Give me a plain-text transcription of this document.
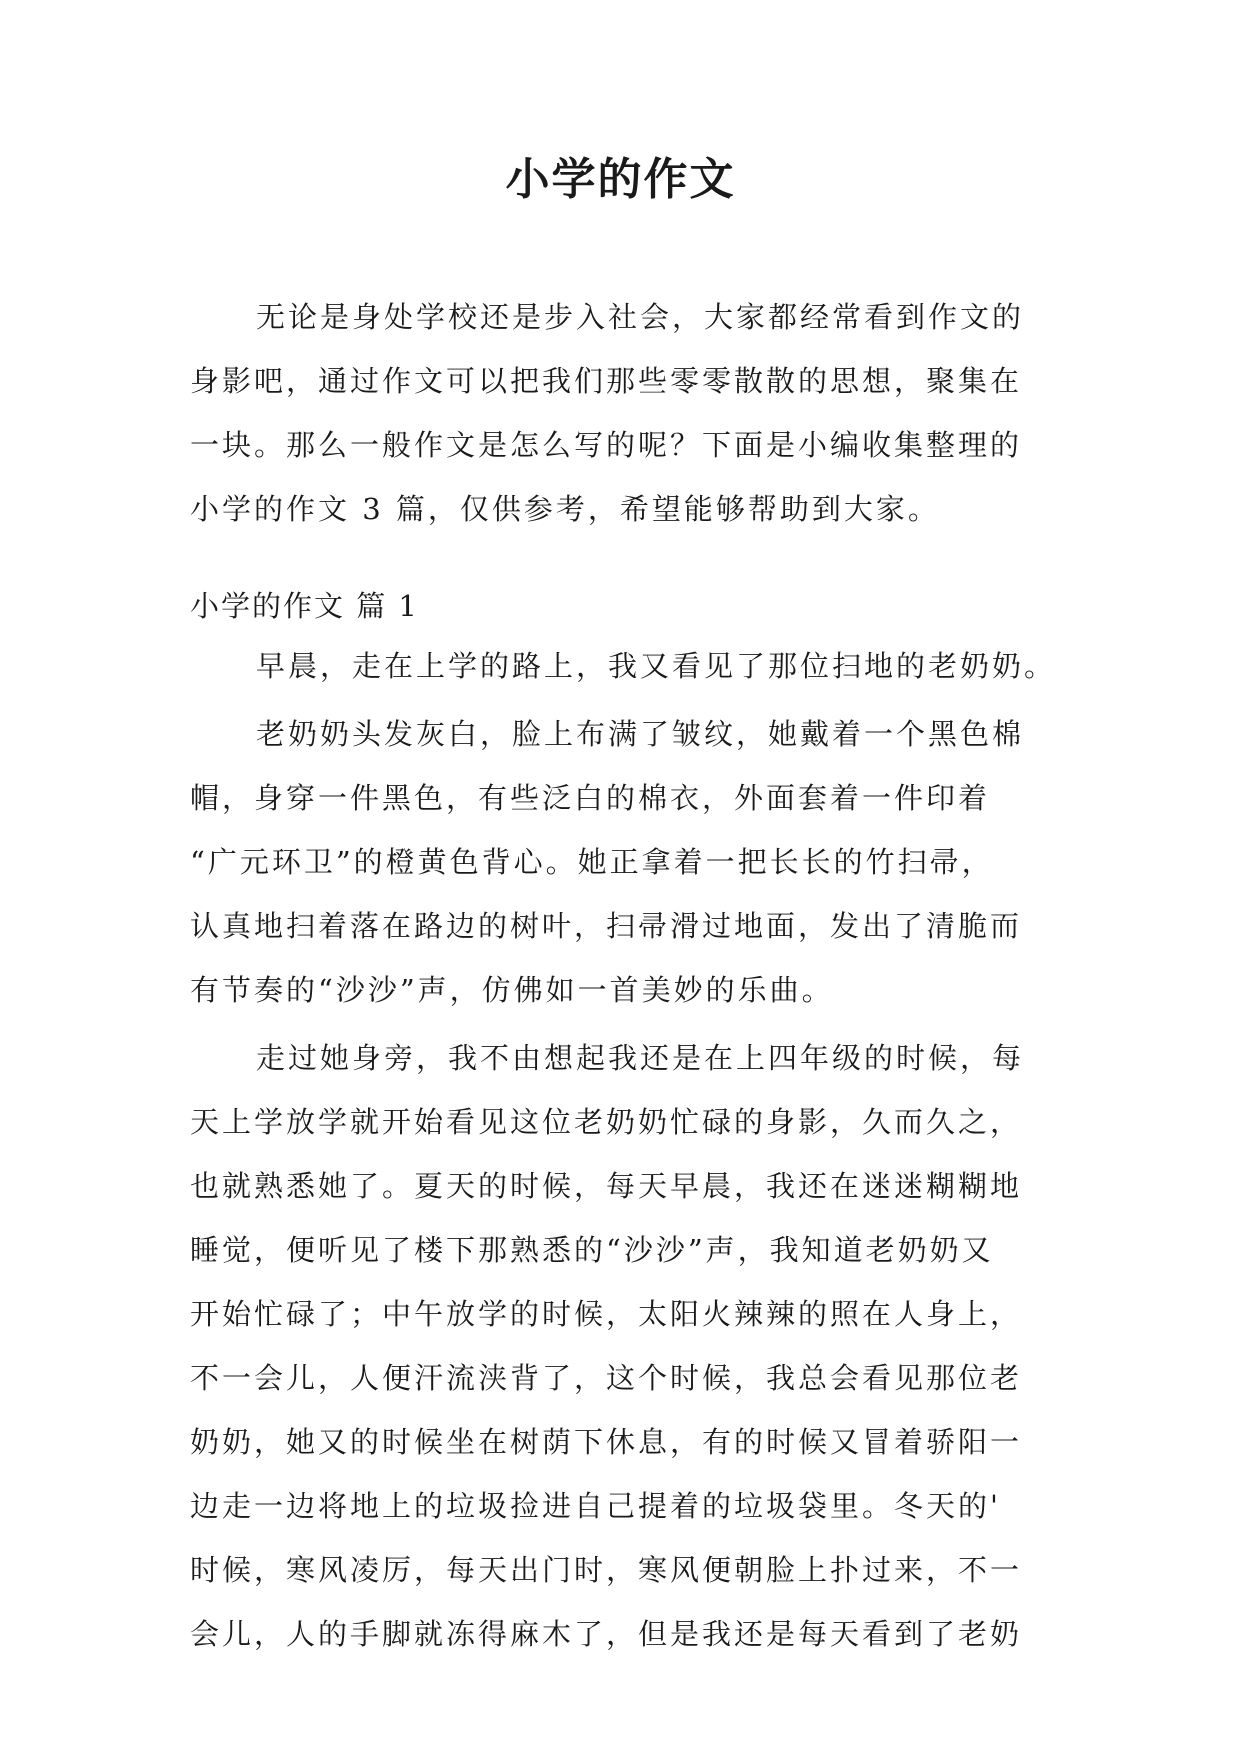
小学的作文
无论是身处学校还是步入社会，大家都经常看到作文的
身影吧，通过作文可以把我们那些零零散散的思想，聚集在
一块。那么一般作文是怎么写的呢？下面是小编收集整理的
小学的作文 3 篇，仅供参考，希望能够帮助到大家。
小学的作文 篇 1
早晨，走在上学的路上，我又看见了那位扫地的老奶奶。
老奶奶头发灰白，脸上布满了皱纹，她戴着一个黑色棉
帽，身穿一件黑色，有些泛白的棉衣，外面套着一件印着
“广元环卫”的橙黄色背心。她正拿着一把长长的竹扫帚，
认真地扫着落在路边的树叶，扫帚滑过地面，发出了清脆而
有节奏的“沙沙”声，仿佛如一首美妙的乐曲。
走过她身旁，我不由想起我还是在上四年级的时候，每
天上学放学就开始看见这位老奶奶忙碌的身影，久而久之，
也就熟悉她了。夏天的时候，每天早晨，我还在迷迷糊糊地
睡觉，便听见了楼下那熟悉的“沙沙”声，我知道老奶奶又
开始忙碌了；中午放学的时候，太阳火辣辣的照在人身上，
不一会儿，人便汗流浃背了，这个时候，我总会看见那位老
奶奶，她又的时候坐在树荫下休息，有的时候又冒着骄阳一
边走一边将地上的垃圾捡进自己提着的垃圾袋里。冬天的'
时候，寒风凌厉，每天出门时，寒风便朝脸上扑过来，不一
会儿，人的手脚就冻得麻木了，但是我还是每天看到了老奶
